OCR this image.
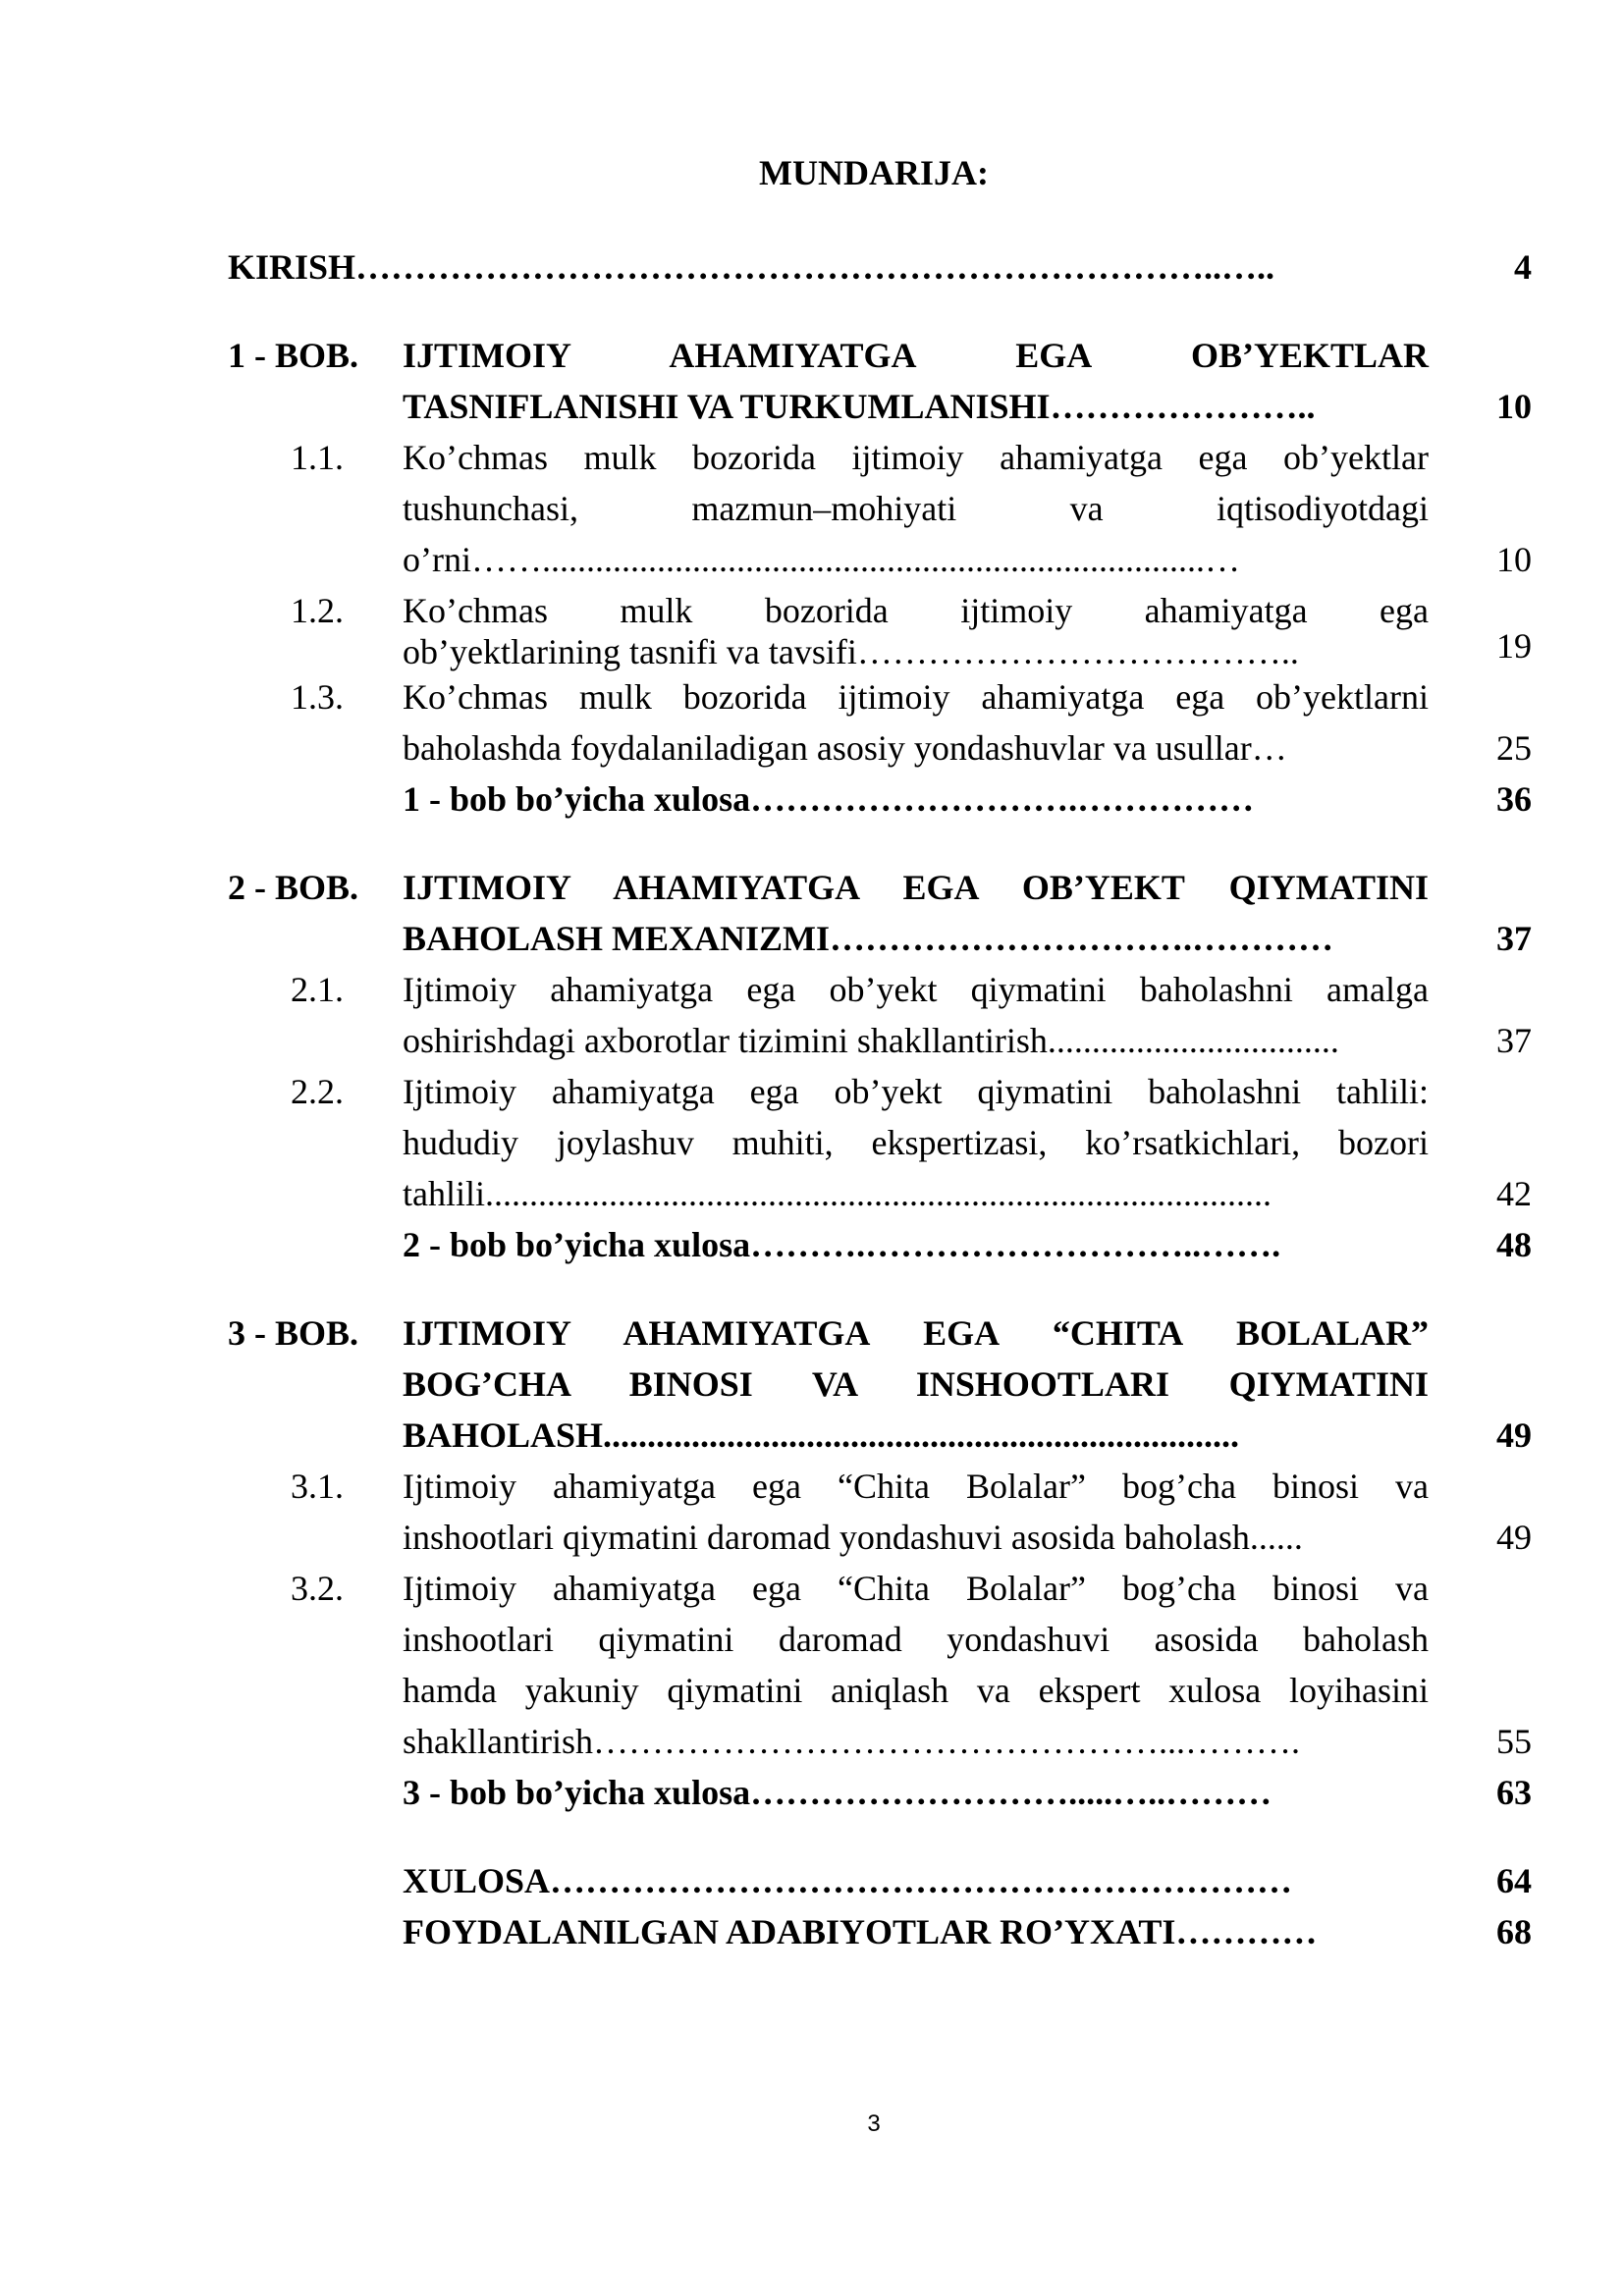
MUNDARIJA:
KIRISH………………………………………………………………..…..	4
1 - BOB.	IJTIMOIY AHAMIYATGA EGA OB’YEKTLAR
TASNIFLANISHI VA TURKUMLANISHI…………………..	10
1.1. Ko’chmas mulk bozorida ijtimoiy ahamiyatga ega ob’yektlar
tushunchasi, mazmun–mohiyati va iqtisodiyotdagi
o’rni……...........................................................................…	10
1.2. Ko’chmas mulk bozorida ijtimoiy ahamiyatga ega
ob’yektlarining tasnifi va tavsifi………………………………..	19
1.3. Ko’chmas mulk bozorida ijtimoiy ahamiyatga ega ob’yektlarni
baholashda foydalaniladigan asosiy yondashuvlar va usullar…	25
1 - bob bo’yicha xulosa……………………….……………	36
2 - BOB.	IJTIMOIY AHAMIYATGA EGA OB’YEKT QIYMATINI
BAHOLASH MEXANIZMI………………………….…………	37
2.1. Ijtimoiy ahamiyatga ega ob’yekt qiymatini baholashni amalga
oshirishdagi axborotlar tizimini shakllantirish.................................	37
2.2. Ijtimoiy ahamiyatga ega ob’yekt qiymatini baholashni tahlili:
hududiy joylashuv muhiti, ekspertizasi, ko’rsatkichlari, bozori
tahlili.........................................................................................	42
2 - bob bo’yicha xulosa……….………………………..…….	48
3 - BOB.	IJTIMOIY AHAMIYATGA EGA “CHITA BOLALAR”
BOG’CHA BINOSI VA INSHOOTLARI QIYMATINI
BAHOLASH........................................................................	49
3.1. Ijtimoiy ahamiyatga ega “Chita Bolalar” bog’cha binosi va
inshootlari qiymatini daromad yondashuvi asosida baholash......	49
3.2. Ijtimoiy ahamiyatga ega “Chita Bolalar” bog’cha binosi va
inshootlari qiymatini daromad yondashuvi asosida baholash
hamda yakuniy qiymatini aniqlash va ekspert xulosa loyihasini
shakllantirish…………………………………………...……….	55
3 - bob bo’yicha xulosa……………………….....…..………	63
XULOSA………………………………………………………	64
FOYDALANILGAN ADABIYOTLAR RO’YXATI…………	68
3
